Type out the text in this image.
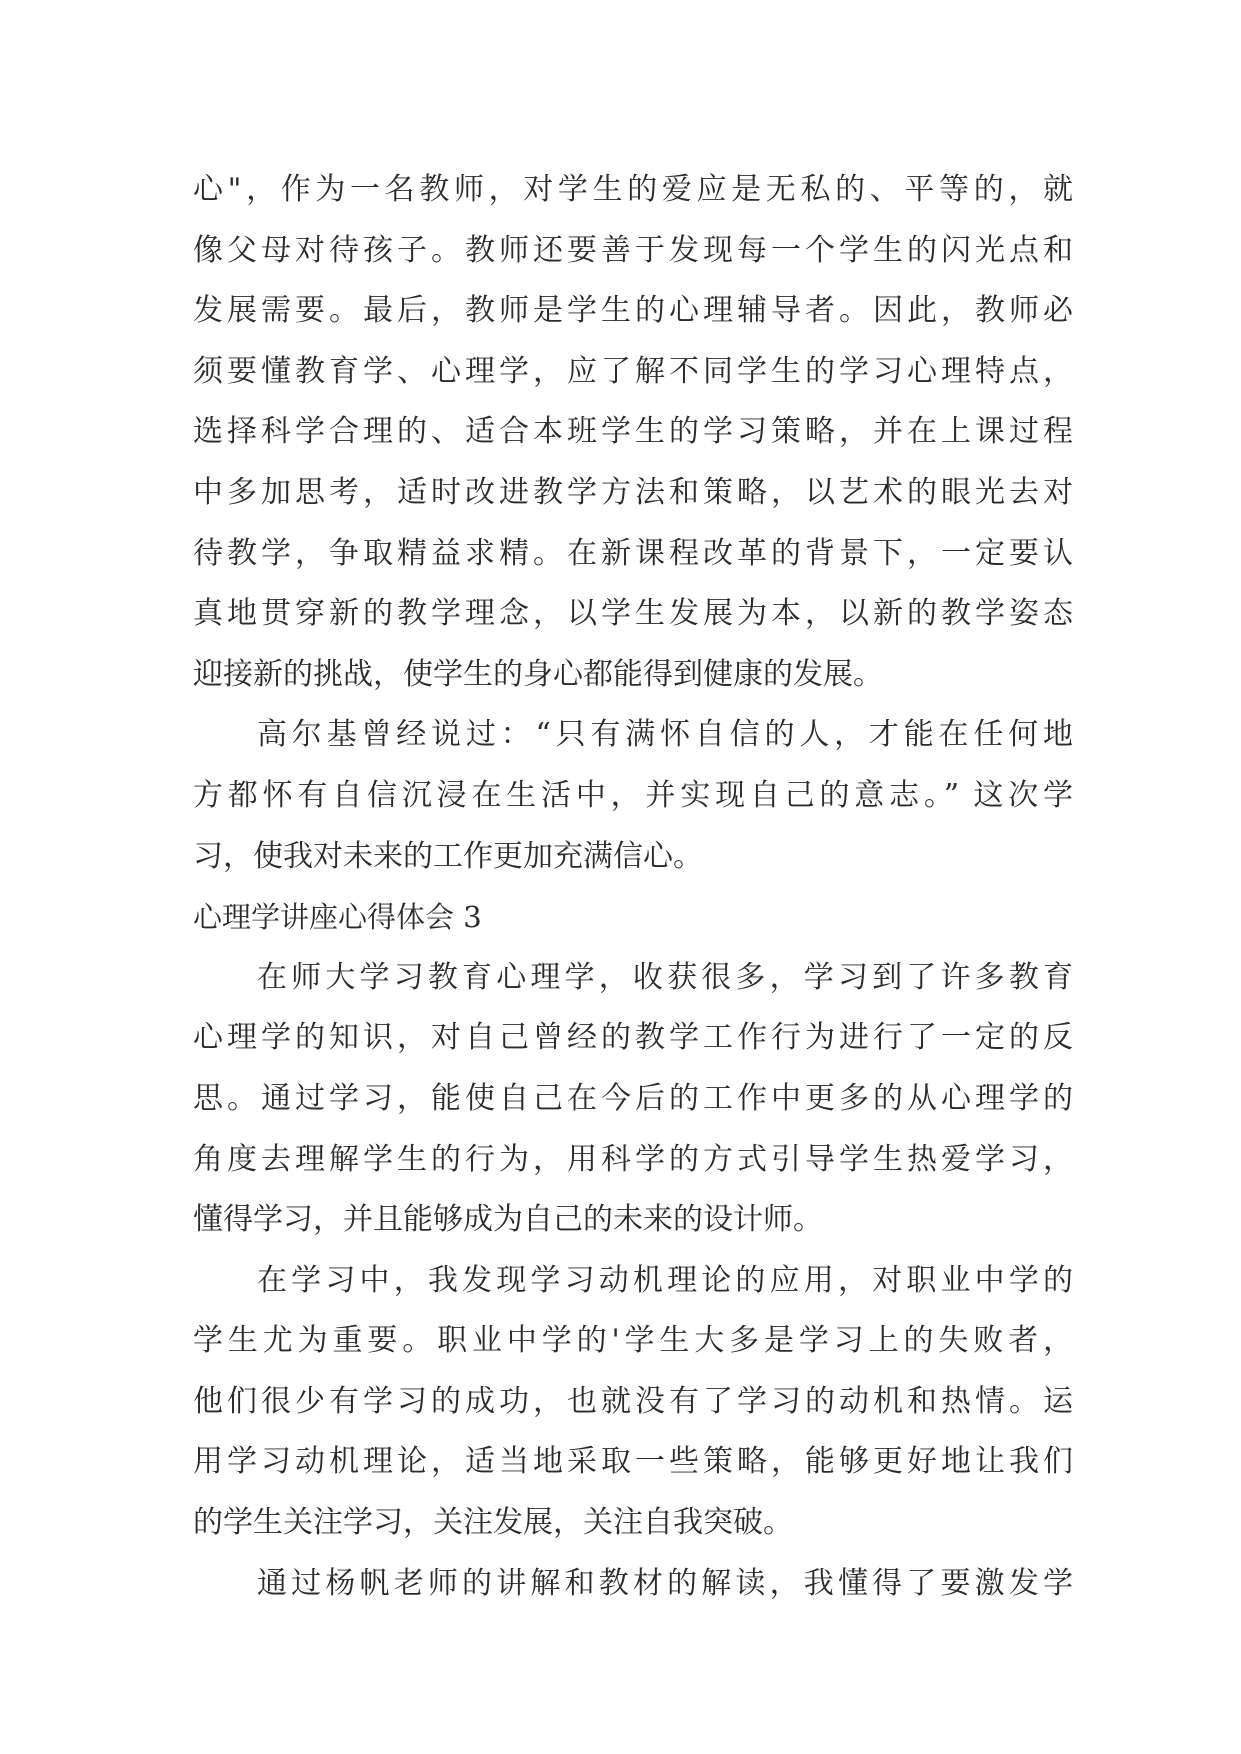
心"，作为一名教师，对学生的爱应是无私的、平等的，就
像父母对待孩子。教师还要善于发现每一个学生的闪光点和
发展需要。最后，教师是学生的心理辅导者。因此，教师必
须要懂教育学、心理学，应了解不同学生的学习心理特点，
选择科学合理的、适合本班学生的学习策略，并在上课过程
中多加思考，适时改进教学方法和策略，以艺术的眼光去对
待教学，争取精益求精。在新课程改革的背景下，一定要认
真地贯穿新的教学理念，以学生发展为本，以新的教学姿态
迎接新的挑战，使学生的身心都能得到健康的发展。
高尔基曾经说过：“只有满怀自信的人，才能在任何地
方都怀有自信沉浸在生活中，并实现自己的意志。” 这次学
习，使我对未来的工作更加充满信心。
心理学讲座心得体会 3
在师大学习教育心理学，收获很多，学习到了许多教育
心理学的知识，对自己曾经的教学工作行为进行了一定的反
思。通过学习，能使自己在今后的工作中更多的从心理学的
角度去理解学生的行为，用科学的方式引导学生热爱学习，
懂得学习，并且能够成为自己的未来的设计师。
在学习中，我发现学习动机理论的应用，对职业中学的
学生尤为重要。职业中学的'学生大多是学习上的失败者，
他们很少有学习的成功，也就没有了学习的动机和热情。运
用学习动机理论，适当地采取一些策略，能够更好地让我们
的学生关注学习，关注发展，关注自我突破。
通过杨帆老师的讲解和教材的解读，我懂得了要激发学
